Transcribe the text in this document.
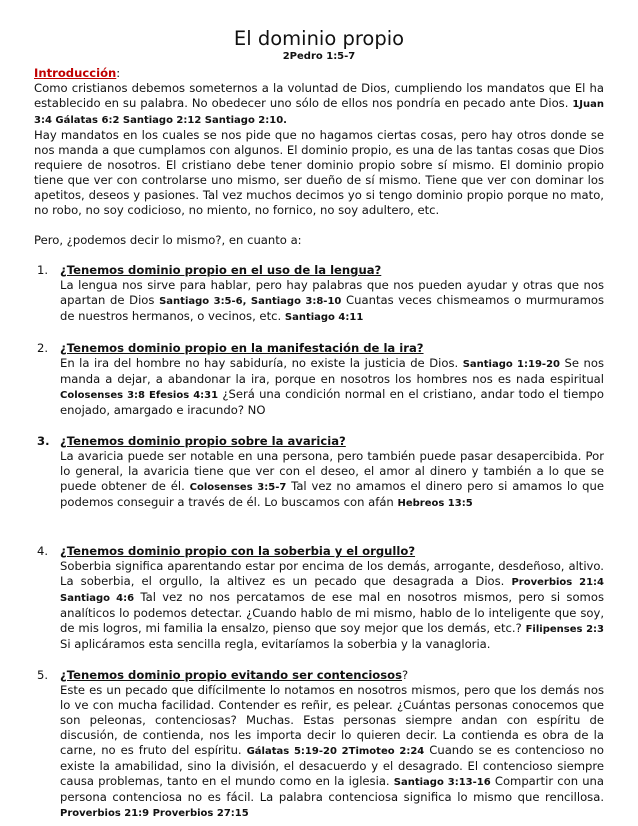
El dominio propio
2Pedro 1:5-7

Introducción:
Como cristianos debemos someternos a la voluntad de Dios, cumpliendo los mandatos que El ha establecido en su palabra. No obedecer uno sólo de ellos nos pondría en pecado ante Dios. 1Juan 3:4 Gálatas 6:2 Santiago 2:12 Santiago 2:10.

Hay mandatos en los cuales se nos pide que no hagamos ciertas cosas, pero hay otros donde se nos manda a que cumplamos con algunos. El dominio propio, es una de las tantas cosas que Dios requiere de nosotros. El cristiano debe tener dominio propio sobre sí mismo. El dominio propio tiene que ver con controlarse uno mismo, ser dueño de sí mismo. Tiene que ver con dominar los apetitos, deseos y pasiones. Tal vez muchos decimos yo si tengo dominio propio porque no mato, no robo, no soy codicioso, no miento, no fornico, no soy adultero, etc.

Pero, ¿podemos decir lo mismo?, en cuanto a:

1. ¿Tenemos dominio propio en el uso de la lengua?

La lengua nos sirve para hablar, pero hay palabras que nos pueden ayudar y otras que nos apartan de Dios Santiago 3:5-6, Santiago 3:8-10 Cuantas veces chismeamos o murmuramos de nuestros hermanos, o vecinos, etc. Santiago 4:11

2. ¿Tenemos dominio propio en la manifestación de la ira?

En la ira del hombre no hay sabiduría, no existe la justicia de Dios. Santiago 1:19-20 Se nos manda a dejar, a abandonar la ira, porque en nosotros los hombres nos es nada espiritual Colosenses 3:8 Efesios 4:31 ¿Será una condición normal en el cristiano, andar todo el tiempo enojado, amargado e iracundo? NO

3. ¿Tenemos dominio propio sobre la avaricia?

La avaricia puede ser notable en una persona, pero también puede pasar desapercibida. Por lo general, la avaricia tiene que ver con el deseo, el amor al dinero y también a lo que se puede obtener de él. Colosenses 3:5-7 Tal vez no amamos el dinero pero si amamos lo que podemos conseguir a través de él. Lo buscamos con afán Hebreos 13:5

4. ¿Tenemos dominio propio con la soberbia y el orgullo?

Soberbia significa aparentando estar por encima de los demás, arrogante, desdeñoso, altivo. La soberbia, el orgullo, la altivez es un pecado que desagrada a Dios. Proverbios 21:4 Santiago 4:6 Tal vez no nos percatamos de ese mal en nosotros mismos, pero si somos analíticos lo podemos detectar. ¿Cuando hablo de mi mismo, hablo de lo inteligente que soy, de mis logros, mi familia la ensalzo, pienso que soy mejor que los demás, etc.? Filipenses 2:3 Si aplicáramos esta sencilla regla, evitaríamos la soberbia y la vanagloria.

5. ¿Tenemos dominio propio evitando ser contenciosos?

Este es un pecado que difícilmente lo notamos en nosotros mismos, pero que los demás nos lo ve con mucha facilidad. Contender es reñir, es pelear. ¿Cuántas personas conocemos que son peleonas, contenciosas? Muchas. Estas personas siempre andan con espíritu de discusión, de contienda, nos les importa decir lo quieren decir. La contienda es obra de la carne, no es fruto del espíritu. Gálatas 5:19-20 2Timoteo 2:24 Cuando se es contencioso no existe la amabilidad, sino la división, el desacuerdo y el desagrado. El contencioso siempre causa problemas, tanto en el mundo como en la iglesia. Santiago 3:13-16 Compartir con una persona contenciosa no es fácil. La palabra contenciosa significa lo mismo que rencillosa. Proverbios 21:9 Proverbios 27:15
